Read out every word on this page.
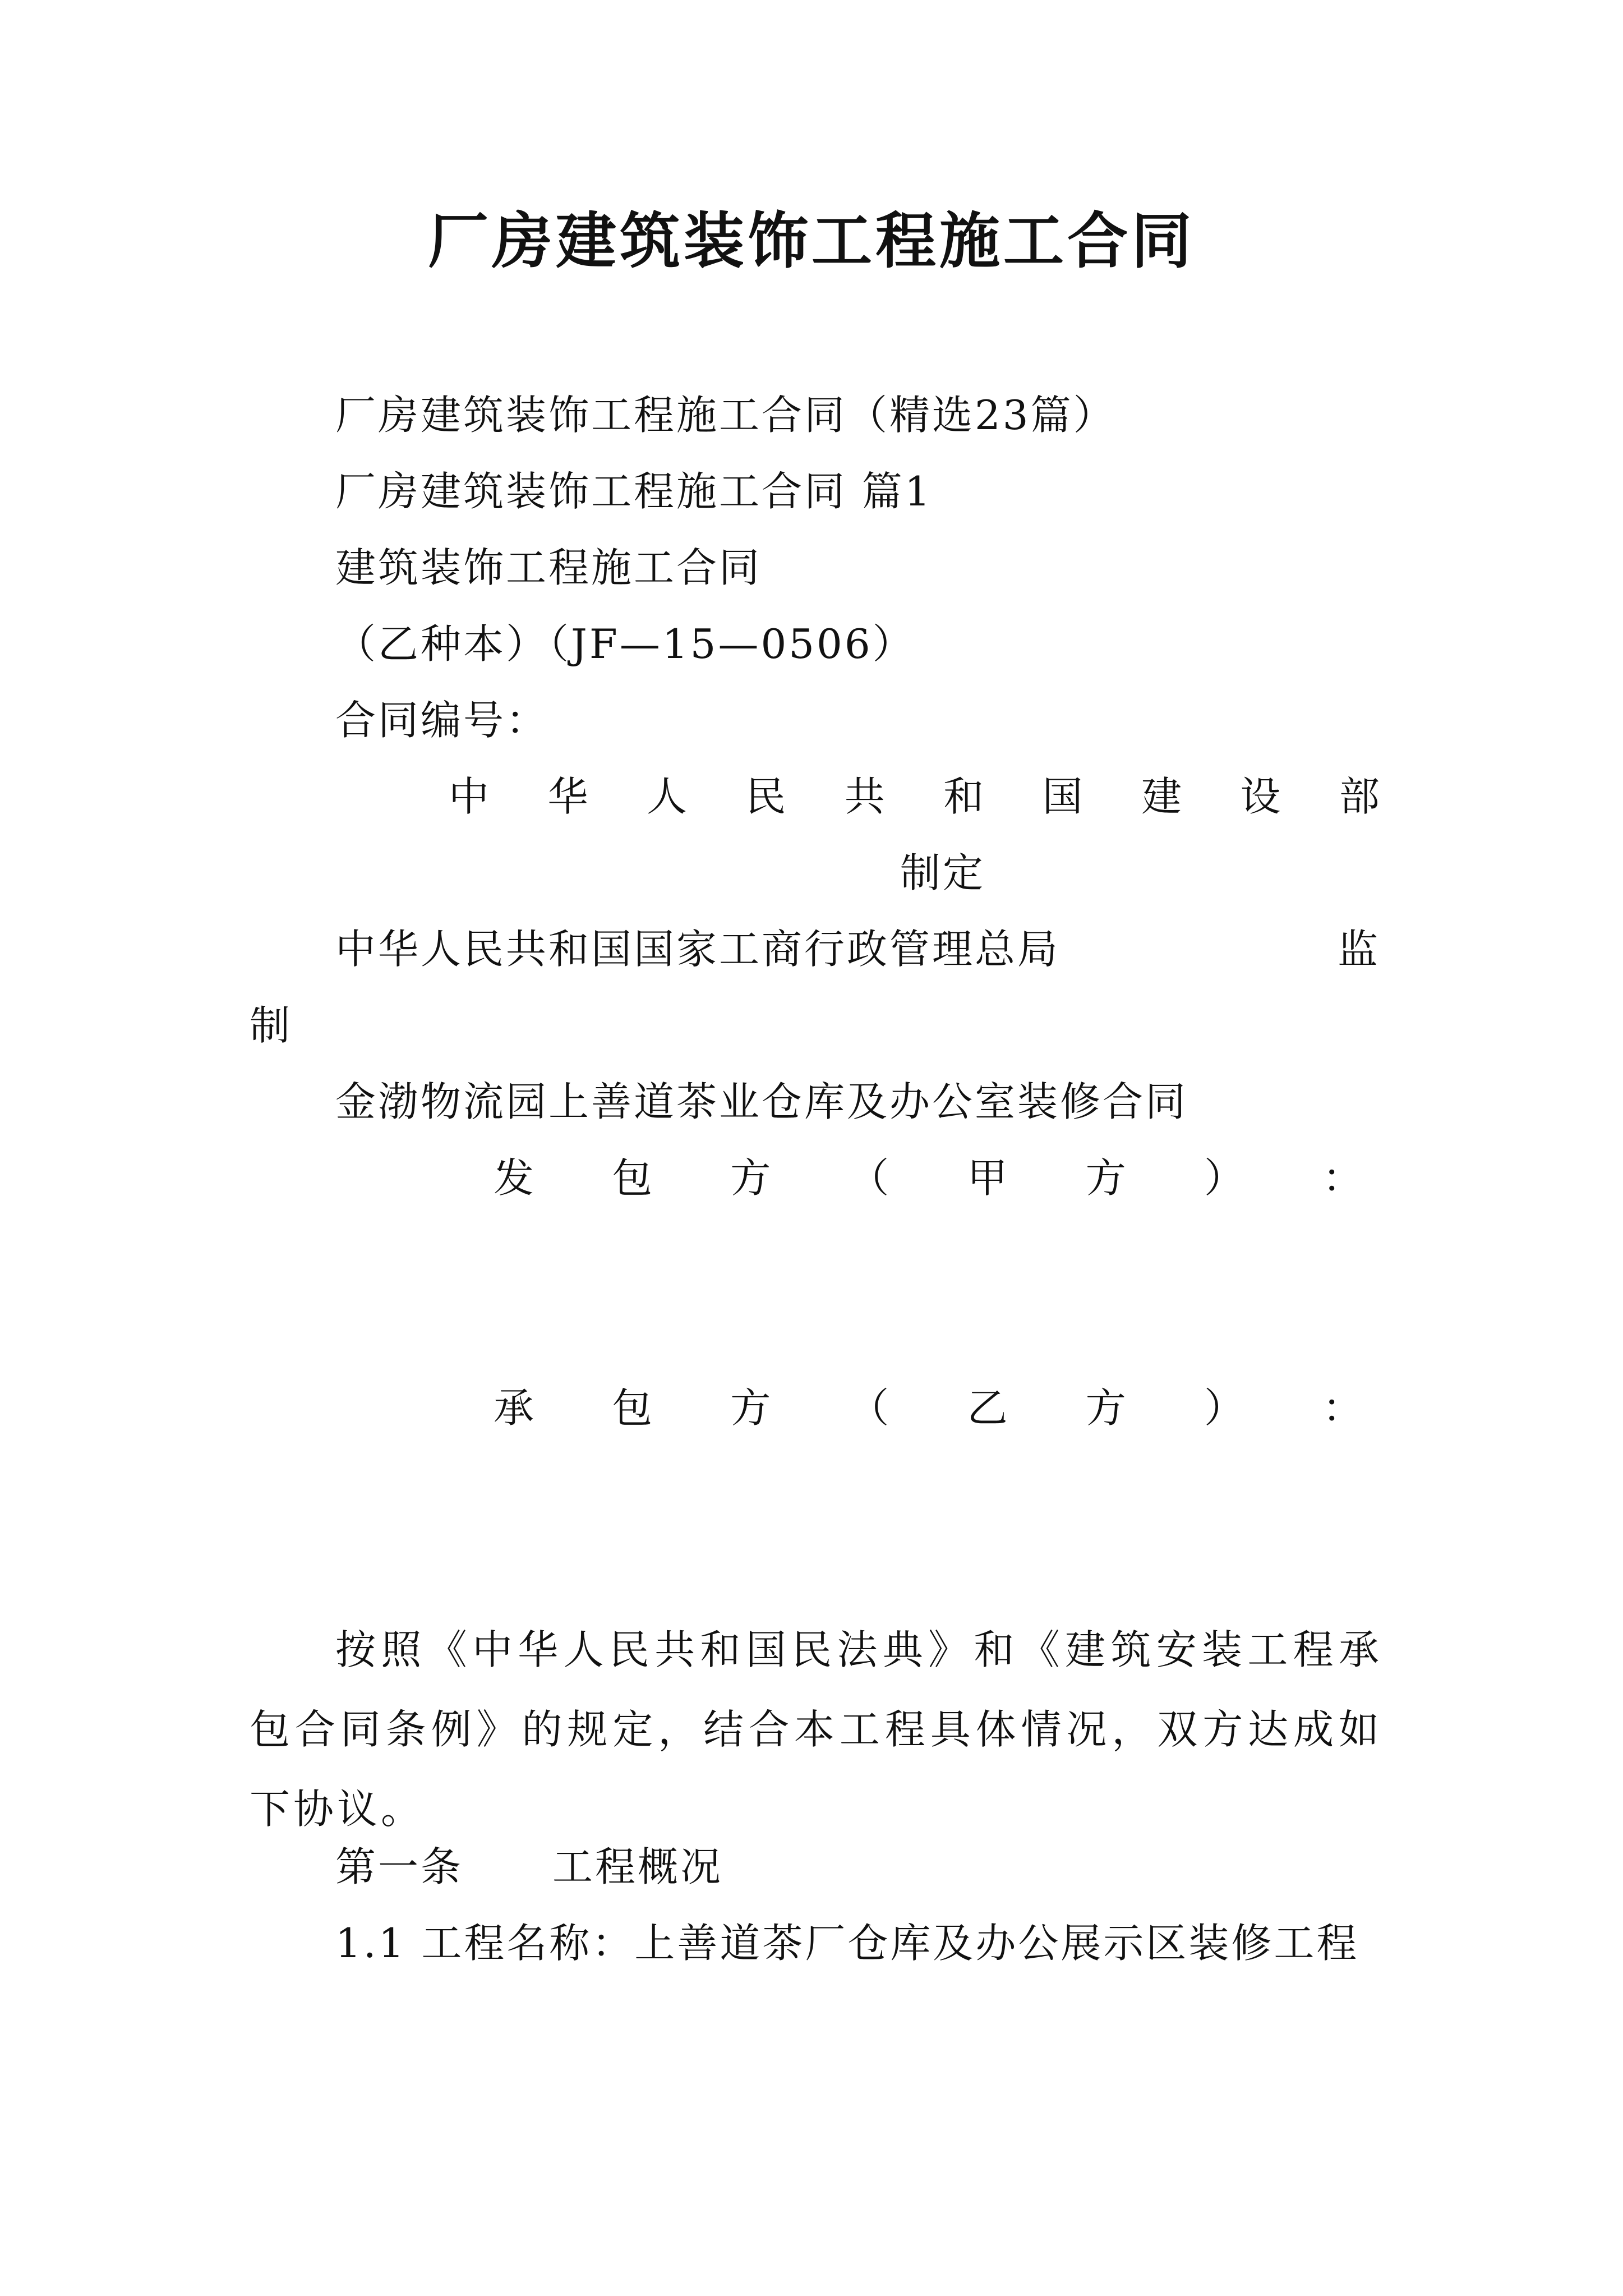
厂房建筑装饰工程施工合同
厂房建筑装饰工程施工合同（精选23篇）
厂房建筑装饰工程施工合同 篇1
建筑装饰工程施工合同
（乙种本）（JF—15—0506）
合同编号：
中 华 人 民 共 和 国 建 设 部
制定
中华人民共和国国家工商行政管理总局	监
制
金渤物流园上善道茶业仓库及办公室装修合同
发 包 方 （ 甲 方 ） ：
承 包 方 （ 乙 方 ） ：
按照《中华人民共和国民法典》和《建筑安装工程承包合同条例》的规定，结合本工程具体情况，双方达成如下协议。
第一条 工程概况
1.1 工程名称：上善道茶厂仓库及办公展示区装修工程
